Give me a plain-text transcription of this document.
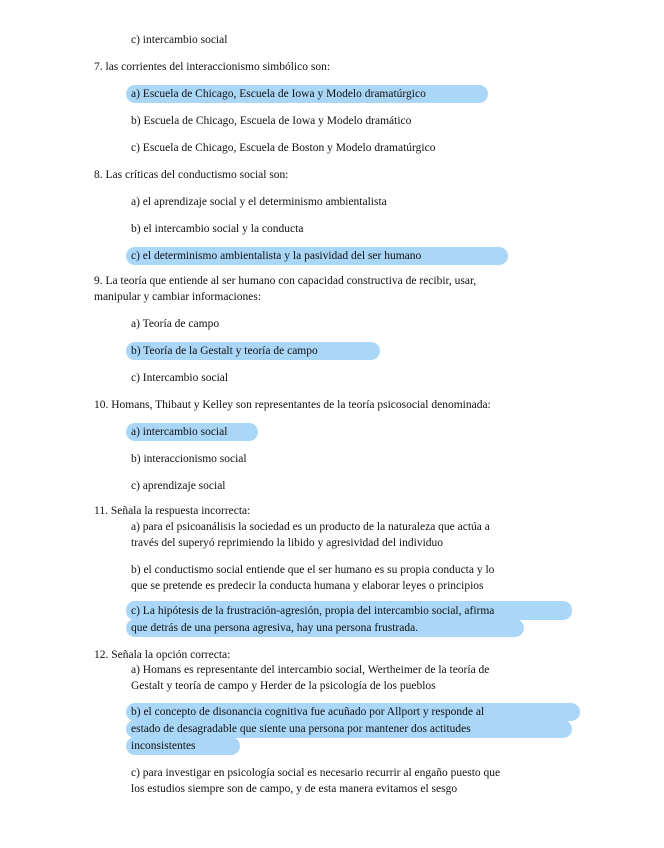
c) intercambio social
7. las corrientes del interaccionismo simbólico son:
a) Escuela de Chicago, Escuela de Iowa y Modelo dramatúrgico
b) Escuela de Chicago, Escuela de Iowa y Modelo dramático
c) Escuela de Chicago, Escuela de Boston y Modelo dramatúrgico
8. Las críticas del conductismo social son:
a) el aprendizaje social y el determinismo ambientalista
b) el intercambio social y la conducta
c) el determinismo ambientalista y la pasividad del ser humano
9. La teoría que entiende al ser humano con capacidad constructiva de recibir, usar,
manipular y cambiar informaciones:
a) Teoría de campo
b) Teoría de la Gestalt y teoría de campo
c) Intercambio social
10. Homans, Thibaut y Kelley son representantes de la teoría psicosocial denominada:
a) intercambio social
b) interaccionismo social
c) aprendizaje social
11. Señala la respuesta incorrecta:
a) para el psicoanálisis la sociedad es un producto de la naturaleza que actúa a
través del superyó reprimiendo la libido y agresividad del individuo
b) el conductismo social entiende que el ser humano es su propia conducta y lo
que se pretende es predecir la conducta humana y elaborar leyes o principios
c) La hipótesis de la frustración-agresión, propia del intercambio social, afirma
que detrás de una persona agresiva, hay una persona frustrada.
12. Señala la opción correcta:
a) Homans es representante del intercambio social, Wertheimer de la teoría de
Gestalt y teoría de campo y Herder de la psicología de los pueblos
b) el concepto de disonancia cognitiva fue acuñado por Allport y responde al
estado de desagradable que siente una persona por mantener dos actitudes
inconsistentes
c) para investigar en psicología social es necesario recurrir al engaño puesto que
los estudios siempre son de campo, y de esta manera evitamos el sesgo
